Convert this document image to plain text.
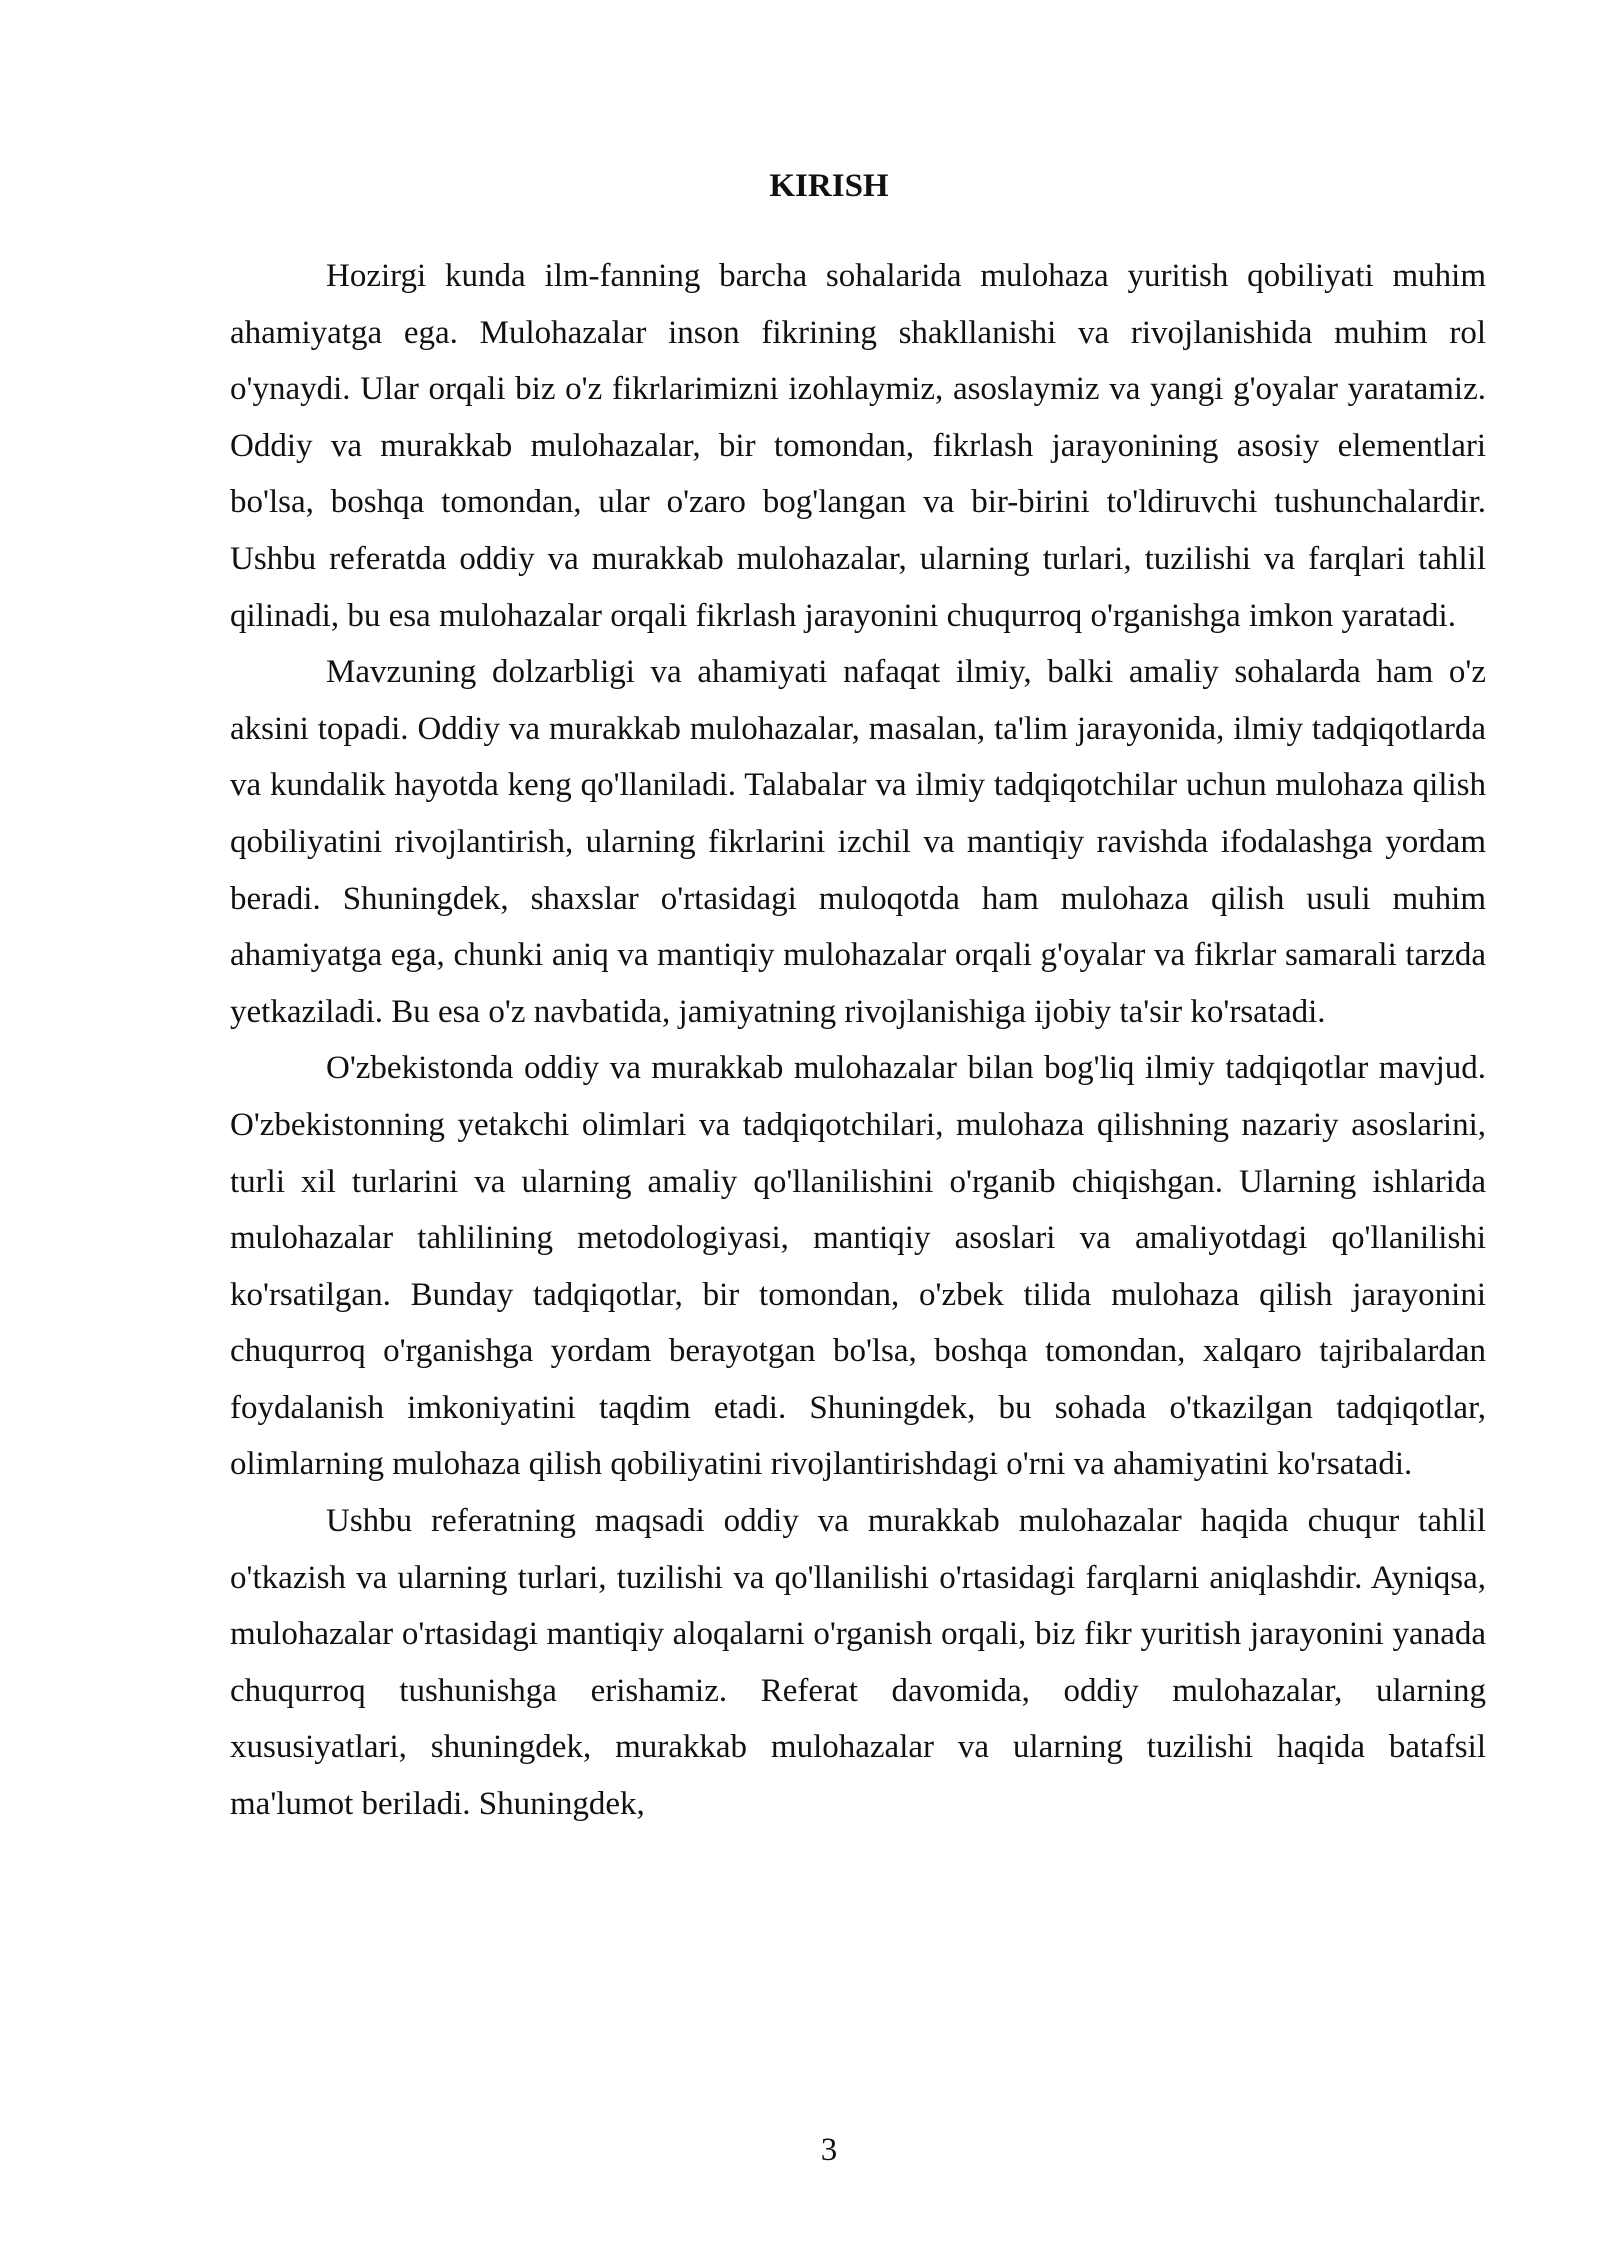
KIRISH

Hozirgi kunda ilm-fanning barcha sohalarida mulohaza yuritish qobiliyati muhim ahamiyatga ega. Mulohazalar inson fikrining shakllanishi va rivojlanishida muhim rol o'ynaydi. Ular orqali biz o'z fikrlarimizni izohlaymiz, asoslaymiz va yangi g'oyalar yaratamiz. Oddiy va murakkab mulohazalar, bir tomondan, fikrlash jarayonining asosiy elementlari bo'lsa, boshqa tomondan, ular o'zaro bog'langan va bir-birini to'ldiruvchi tushunchalardir. Ushbu referatda oddiy va murakkab mulohazalar, ularning turlari, tuzilishi va farqlari tahlil qilinadi, bu esa mulohazalar orqali fikrlash jarayonini chuqurroq o'rganishga imkon yaratadi.

Mavzuning dolzarbligi va ahamiyati nafaqat ilmiy, balki amaliy sohalarda ham o'z aksini topadi. Oddiy va murakkab mulohazalar, masalan, ta'lim jarayonida, ilmiy tadqiqotlarda va kundalik hayotda keng qo'llaniladi. Talabalar va ilmiy tadqiqotchilar uchun mulohaza qilish qobiliyatini rivojlantirish, ularning fikrlarini izchil va mantiqiy ravishda ifodalashga yordam beradi. Shuningdek, shaxslar o'rtasidagi muloqotda ham mulohaza qilish usuli muhim ahamiyatga ega, chunki aniq va mantiqiy mulohazalar orqali g'oyalar va fikrlar samarali tarzda yetkaziladi. Bu esa o'z navbatida, jamiyatning rivojlanishiga ijobiy ta'sir ko'rsatadi.

O'zbekistonda oddiy va murakkab mulohazalar bilan bog'liq ilmiy tadqiqotlar mavjud. O'zbekistonning yetakchi olimlari va tadqiqotchilari, mulohaza qilishning nazariy asoslarini, turli xil turlarini va ularning amaliy qo'llanilishini o'rganib chiqishgan. Ularning ishlarida mulohazalar tahlilining metodologiyasi, mantiqiy asoslari va amaliyotdagi qo'llanilishi ko'rsatilgan. Bunday tadqiqotlar, bir tomondan, o'zbek tilida mulohaza qilish jarayonini chuqurroq o'rganishga yordam berayotgan bo'lsa, boshqa tomondan, xalqaro tajribalardan foydalanish imkoniyatini taqdim etadi. Shuningdek, bu sohada o'tkazilgan tadqiqotlar, olimlarning mulohaza qilish qobiliyatini rivojlantirishdagi o'rni va ahamiyatini ko'rsatadi.

Ushbu referatning maqsadi oddiy va murakkab mulohazalar haqida chuqur tahlil o'tkazish va ularning turlari, tuzilishi va qo'llanilishi o'rtasidagi farqlarni aniqlashdir. Ayniqsa, mulohazalar o'rtasidagi mantiqiy aloqalarni o'rganish orqali, biz fikr yuritish jarayonini yanada chuqurroq tushunishga erishamiz. Referat davomida, oddiy mulohazalar, ularning xususiyatlari, shuningdek, murakkab mulohazalar va ularning tuzilishi haqida batafsil ma'lumot beriladi. Shuningdek,

3
